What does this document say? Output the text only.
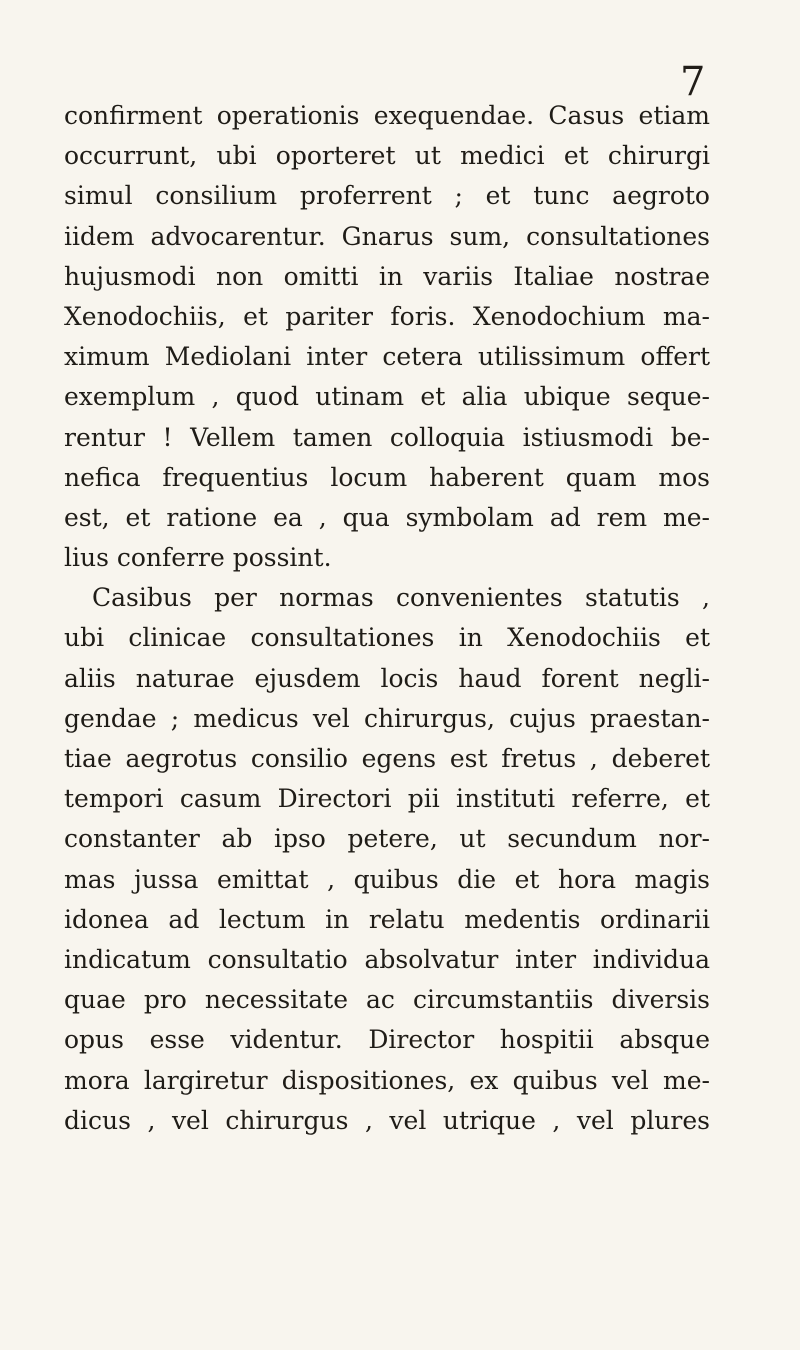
7
confirment operationis exequendae. Casus etiam
occurrunt, ubi oporteret ut medici et chirurgi
simul consilium proferrent ; et tunc aegroto
iidem advocarentur. Gnarus sum, consultationes
hujusmodi non omitti in variis Italiae nostrae
Xenodochiis, et pariter foris. Xenodochium ma-
ximum Mediolani inter cetera utilissimum offert
exemplum , quod utinam et alia ubique seque-
rentur ! Vellem tamen colloquia istiusmodi be-
nefica frequentius locum haberent quam mos
est, et ratione ea , qua symbolam ad rem me-
lius conferre possint.
Casibus per normas convenientes statutis ,
ubi clinicae consultationes in Xenodochiis et
aliis naturae ejusdem locis haud forent negli-
gendae ; medicus vel chirurgus, cujus praestan-
tiae aegrotus consilio egens est fretus , deberet
tempori casum Directori pii instituti referre, et
constanter ab ipso petere, ut secundum nor-
mas jussa emittat , quibus die et hora magis
idonea ad lectum in relatu medentis ordinarii
indicatum consultatio absolvatur inter individua
quae pro necessitate ac circumstantiis diversis
opus esse videntur. Director hospitii absque
mora largiretur dispositiones, ex quibus vel me-
dicus , vel chirurgus , vel utrique , vel plures
